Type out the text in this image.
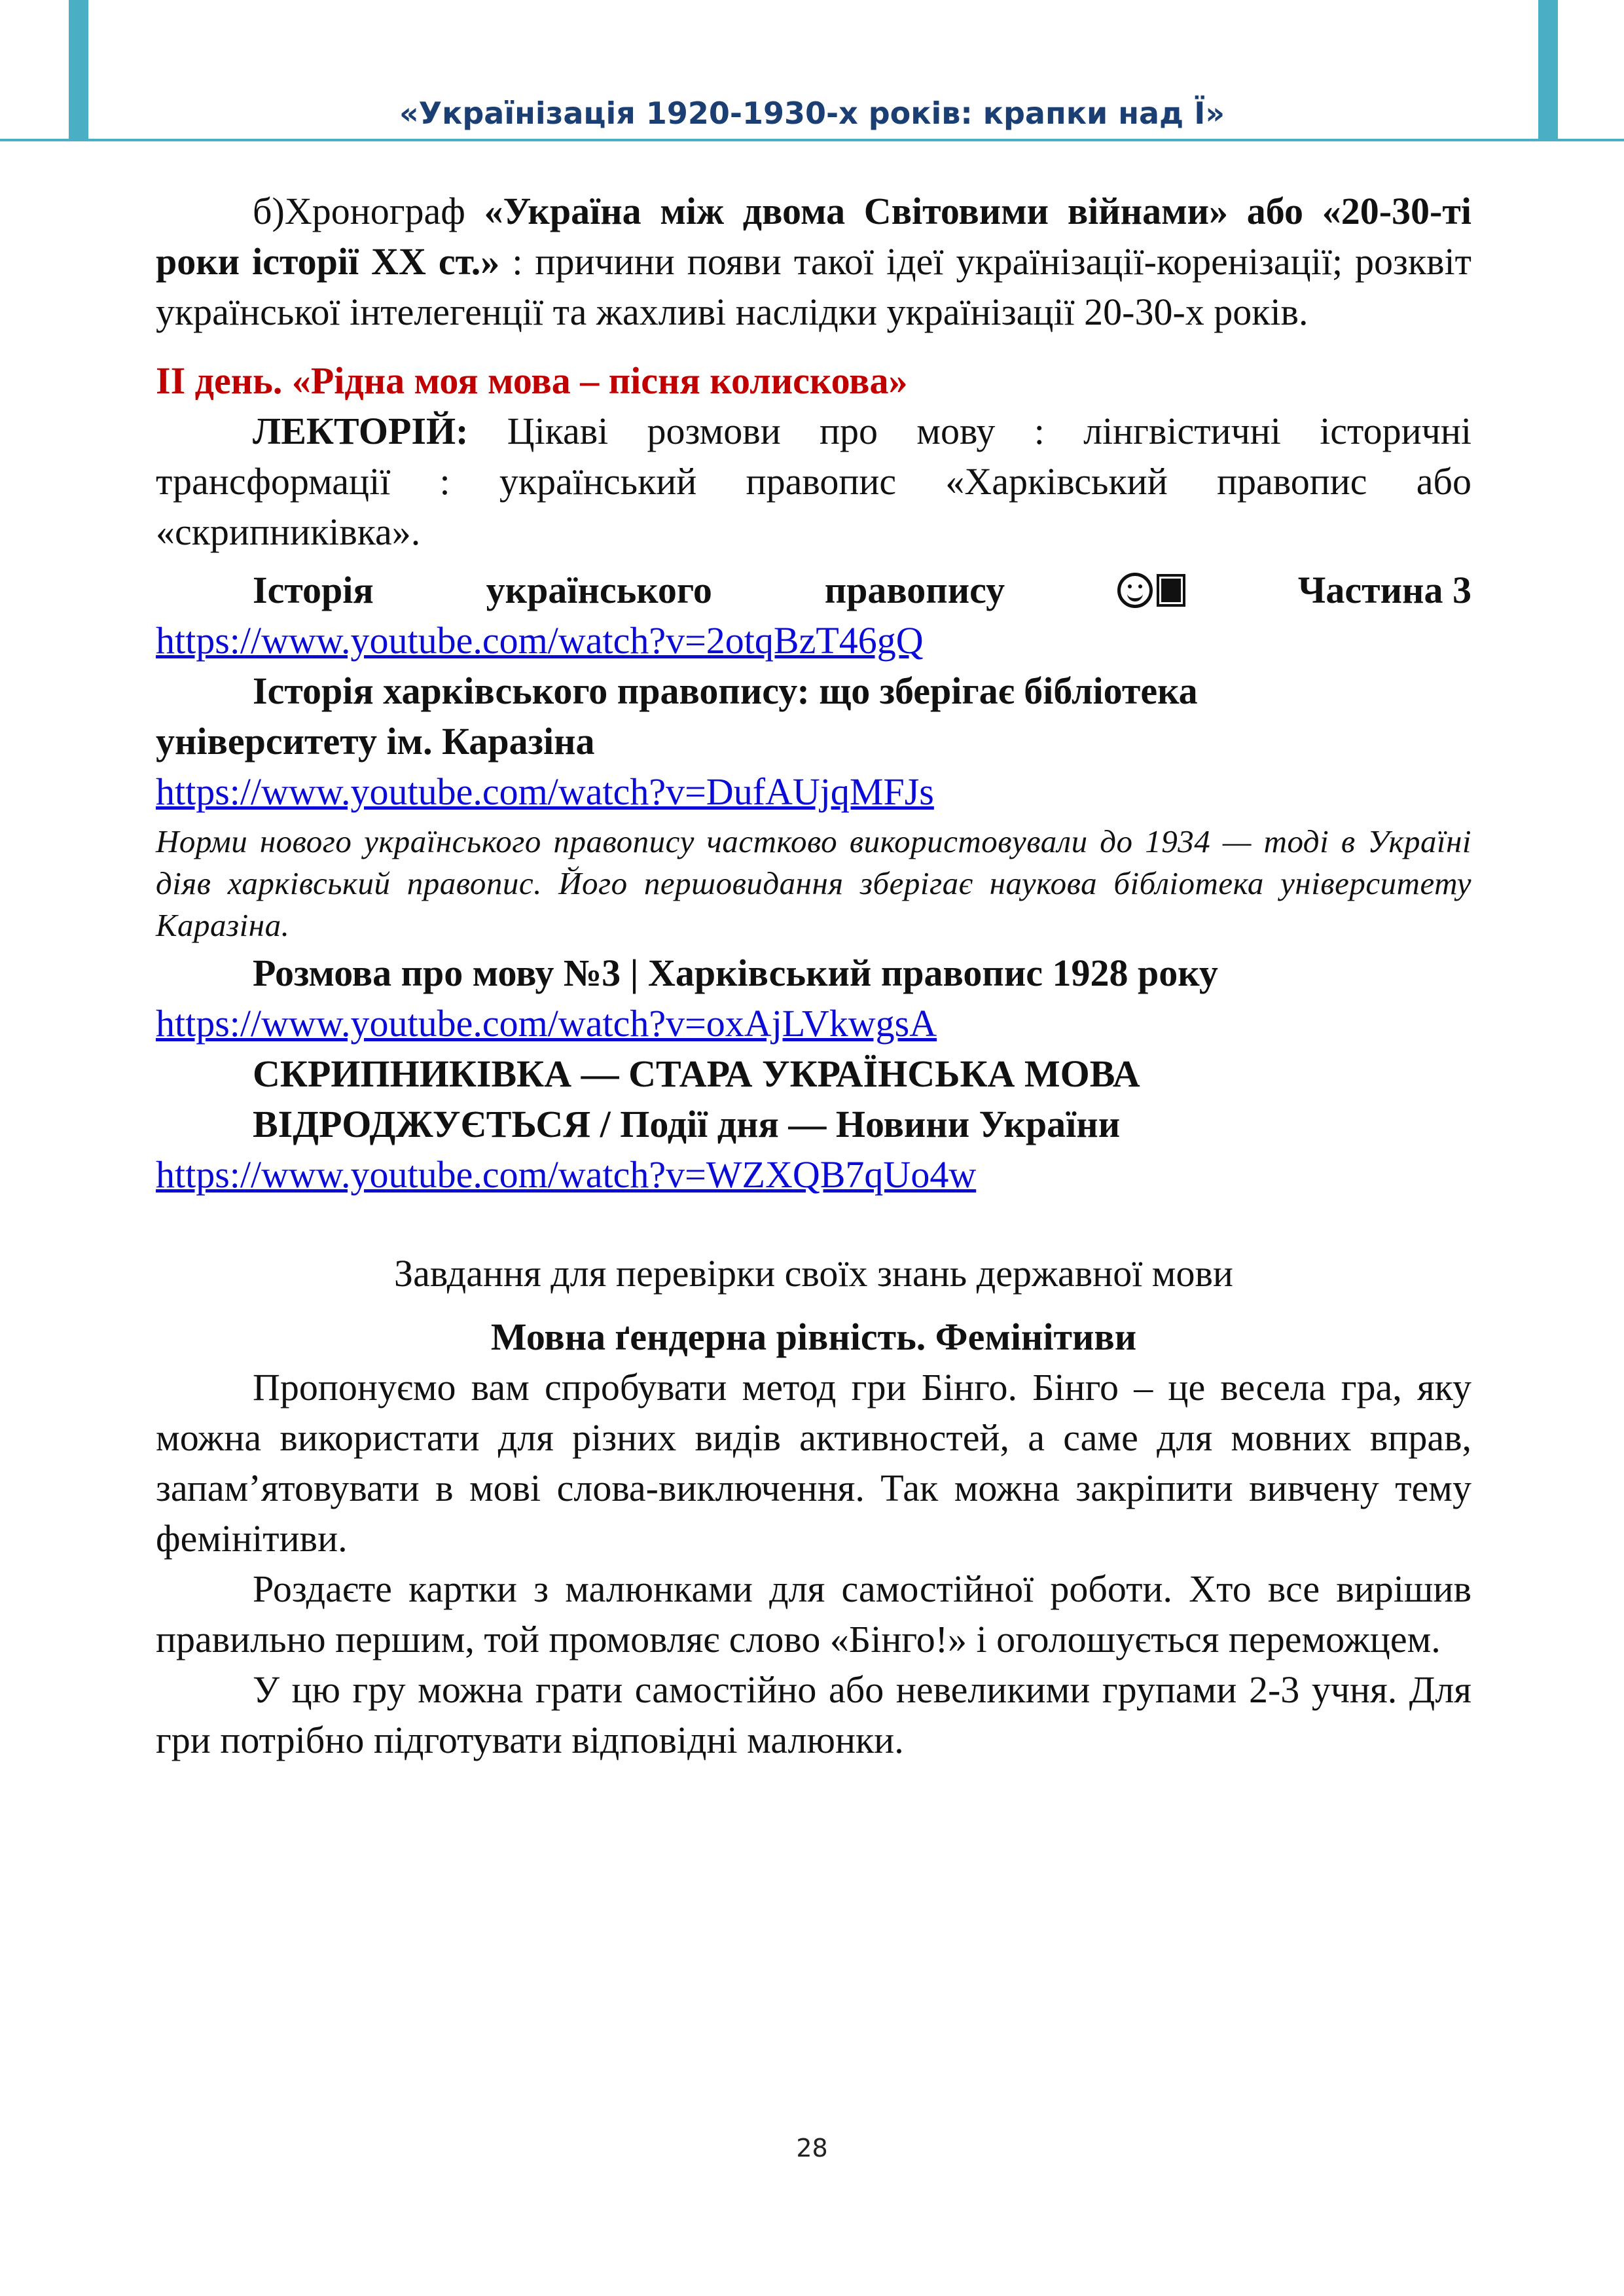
«Українізація 1920-1930-х років: крапки над Ї»

б)Хронограф «Україна між двома Світовими війнами» або «20-30-ті роки історії ХХ ст.» : причини появи такої ідеї українізації-коренізації; розквіт української інтелегенції та жахливі наслідки українізації 20-30-х років.

ІІ день. «Рідна моя мова – пісня колискова»

ЛЕКТОРІЙ: Цікаві розмови про мову : лінгвістичні історичні трансформації : український правопис «Харківський правопис або «скрипниківка».

Історія	українського	правопису	Частина 3
https://www.youtube.com/watch?v=2otqBzT46gQ

Історія харківського правопису: що зберігає бібліотека

університету ім. Каразіна

https://www.youtube.com/watch?v=DufAUjqMFJs

Норми нового українського правопису частково використовували до 1934 — тоді в Україні діяв харківський правопис. Його першовидання зберігає наукова бібліотека університету Каразіна.

Розмова про мову №3 | Харківський правопис 1928 року

https://www.youtube.com/watch?v=oxAjLVkwgsA

СКРИПНИКІВКА — СТАРА УКРАЇНСЬКА МОВА

ВІДРОДЖУЄТЬСЯ / Події дня — Новини України

https://www.youtube.com/watch?v=WZXQB7qUo4w

Завдання для перевірки своїх знань державної мови

Мовна ґендерна рівність. Фемінітиви

Пропонуємо вам спробувати метод гри Бінго. Бінго – це весела гра, яку можна використати для різних видів активностей, а саме для мовних вправ, запам’ятовувати в мові слова-виключення. Так можна закріпити вивчену тему фемінітиви.

Роздаєте картки з малюнками для самостійної роботи. Хто все вирішив правильно першим, той промовляє слово «Бінго!» і оголошується переможцем.

У цю гру можна грати самостійно або невеликими групами 2-3 учня. Для гри потрібно підготувати відповідні малюнки.

28
